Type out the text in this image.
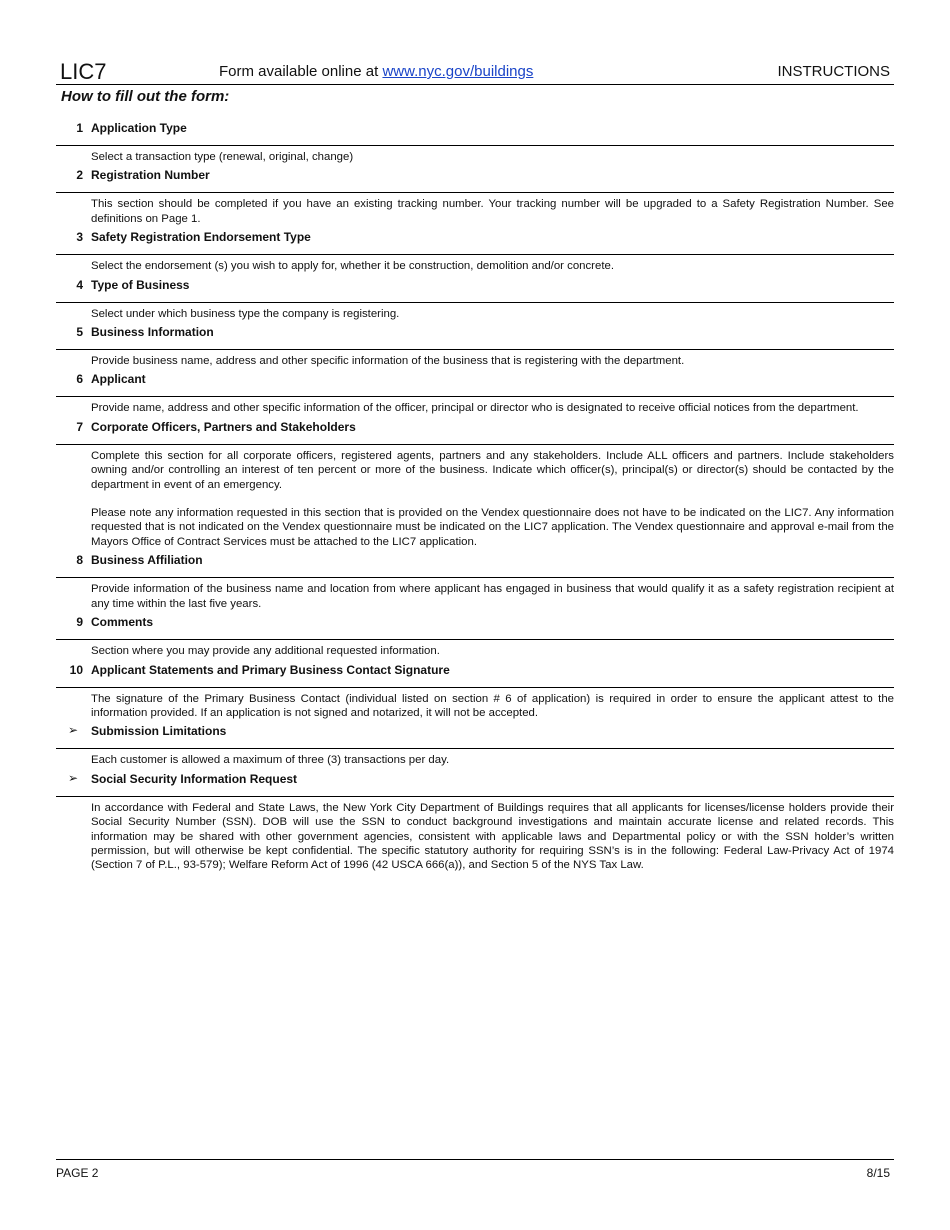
LIC7	Form available online at www.nyc.gov/buildings	INSTRUCTIONS
How to fill out the form:
1 Application Type

Select a transaction type (renewal, original, change)

2 Registration Number

This section should be completed if you have an existing tracking number. Your tracking number will be upgraded to a Safety Registration Number. See definitions on Page 1.

3 Safety Registration Endorsement Type

Select the endorsement (s) you wish to apply for, whether it be construction, demolition and/or concrete.

4 Type of Business

Select under which business type the company is registering.

5 Business Information

Provide business name, address and other specific information of the business that is registering with the department.

6 Applicant

Provide name, address and other specific information of the officer, principal or director who is designated to receive official notices from the department.

7 Corporate Officers, Partners and Stakeholders

Complete this section for all corporate officers, registered agents, partners and any stakeholders. Include ALL officers and partners. Include stakeholders owning and/or controlling an interest of ten percent or more of the business. Indicate which officer(s), principal(s) or director(s) should be contacted by the department in event of an emergency.

Please note any information requested in this section that is provided on the Vendex questionnaire does not have to be indicated on the LIC7. Any information requested that is not indicated on the Vendex questionnaire must be indicated on the LIC7 application. The Vendex questionnaire and approval e-mail from the Mayors Office of Contract Services must be attached to the LIC7 application.

8 Business Affiliation

Provide information of the business name and location from where applicant has engaged in business that would qualify it as a safety registration recipient at any time within the last five years.

9 Comments

Section where you may provide any additional requested information.

10 Applicant Statements and Primary Business Contact Signature

The signature of the Primary Business Contact (individual listed on section # 6 of application) is required in order to ensure the applicant attest to the information provided. If an application is not signed and notarized, it will not be accepted.

➢ Submission Limitations

Each customer is allowed a maximum of three (3) transactions per day.

➢ Social Security Information Request

In accordance with Federal and State Laws, the New York City Department of Buildings requires that all applicants for licenses/license holders provide their Social Security Number (SSN). DOB will use the SSN to conduct background investigations and maintain accurate license and related records. This information may be shared with other government agencies, consistent with applicable laws and Departmental policy or with the SSN holder’s written permission, but will otherwise be kept confidential. The specific statutory authority for requiring SSN’s is in the following: Federal Law-Privacy Act of 1974 (Section 7 of P.L., 93-579); Welfare Reform Act of 1996 (42 USCA 666(a)), and Section 5 of the NYS Tax Law.

PAGE 2	8/15
